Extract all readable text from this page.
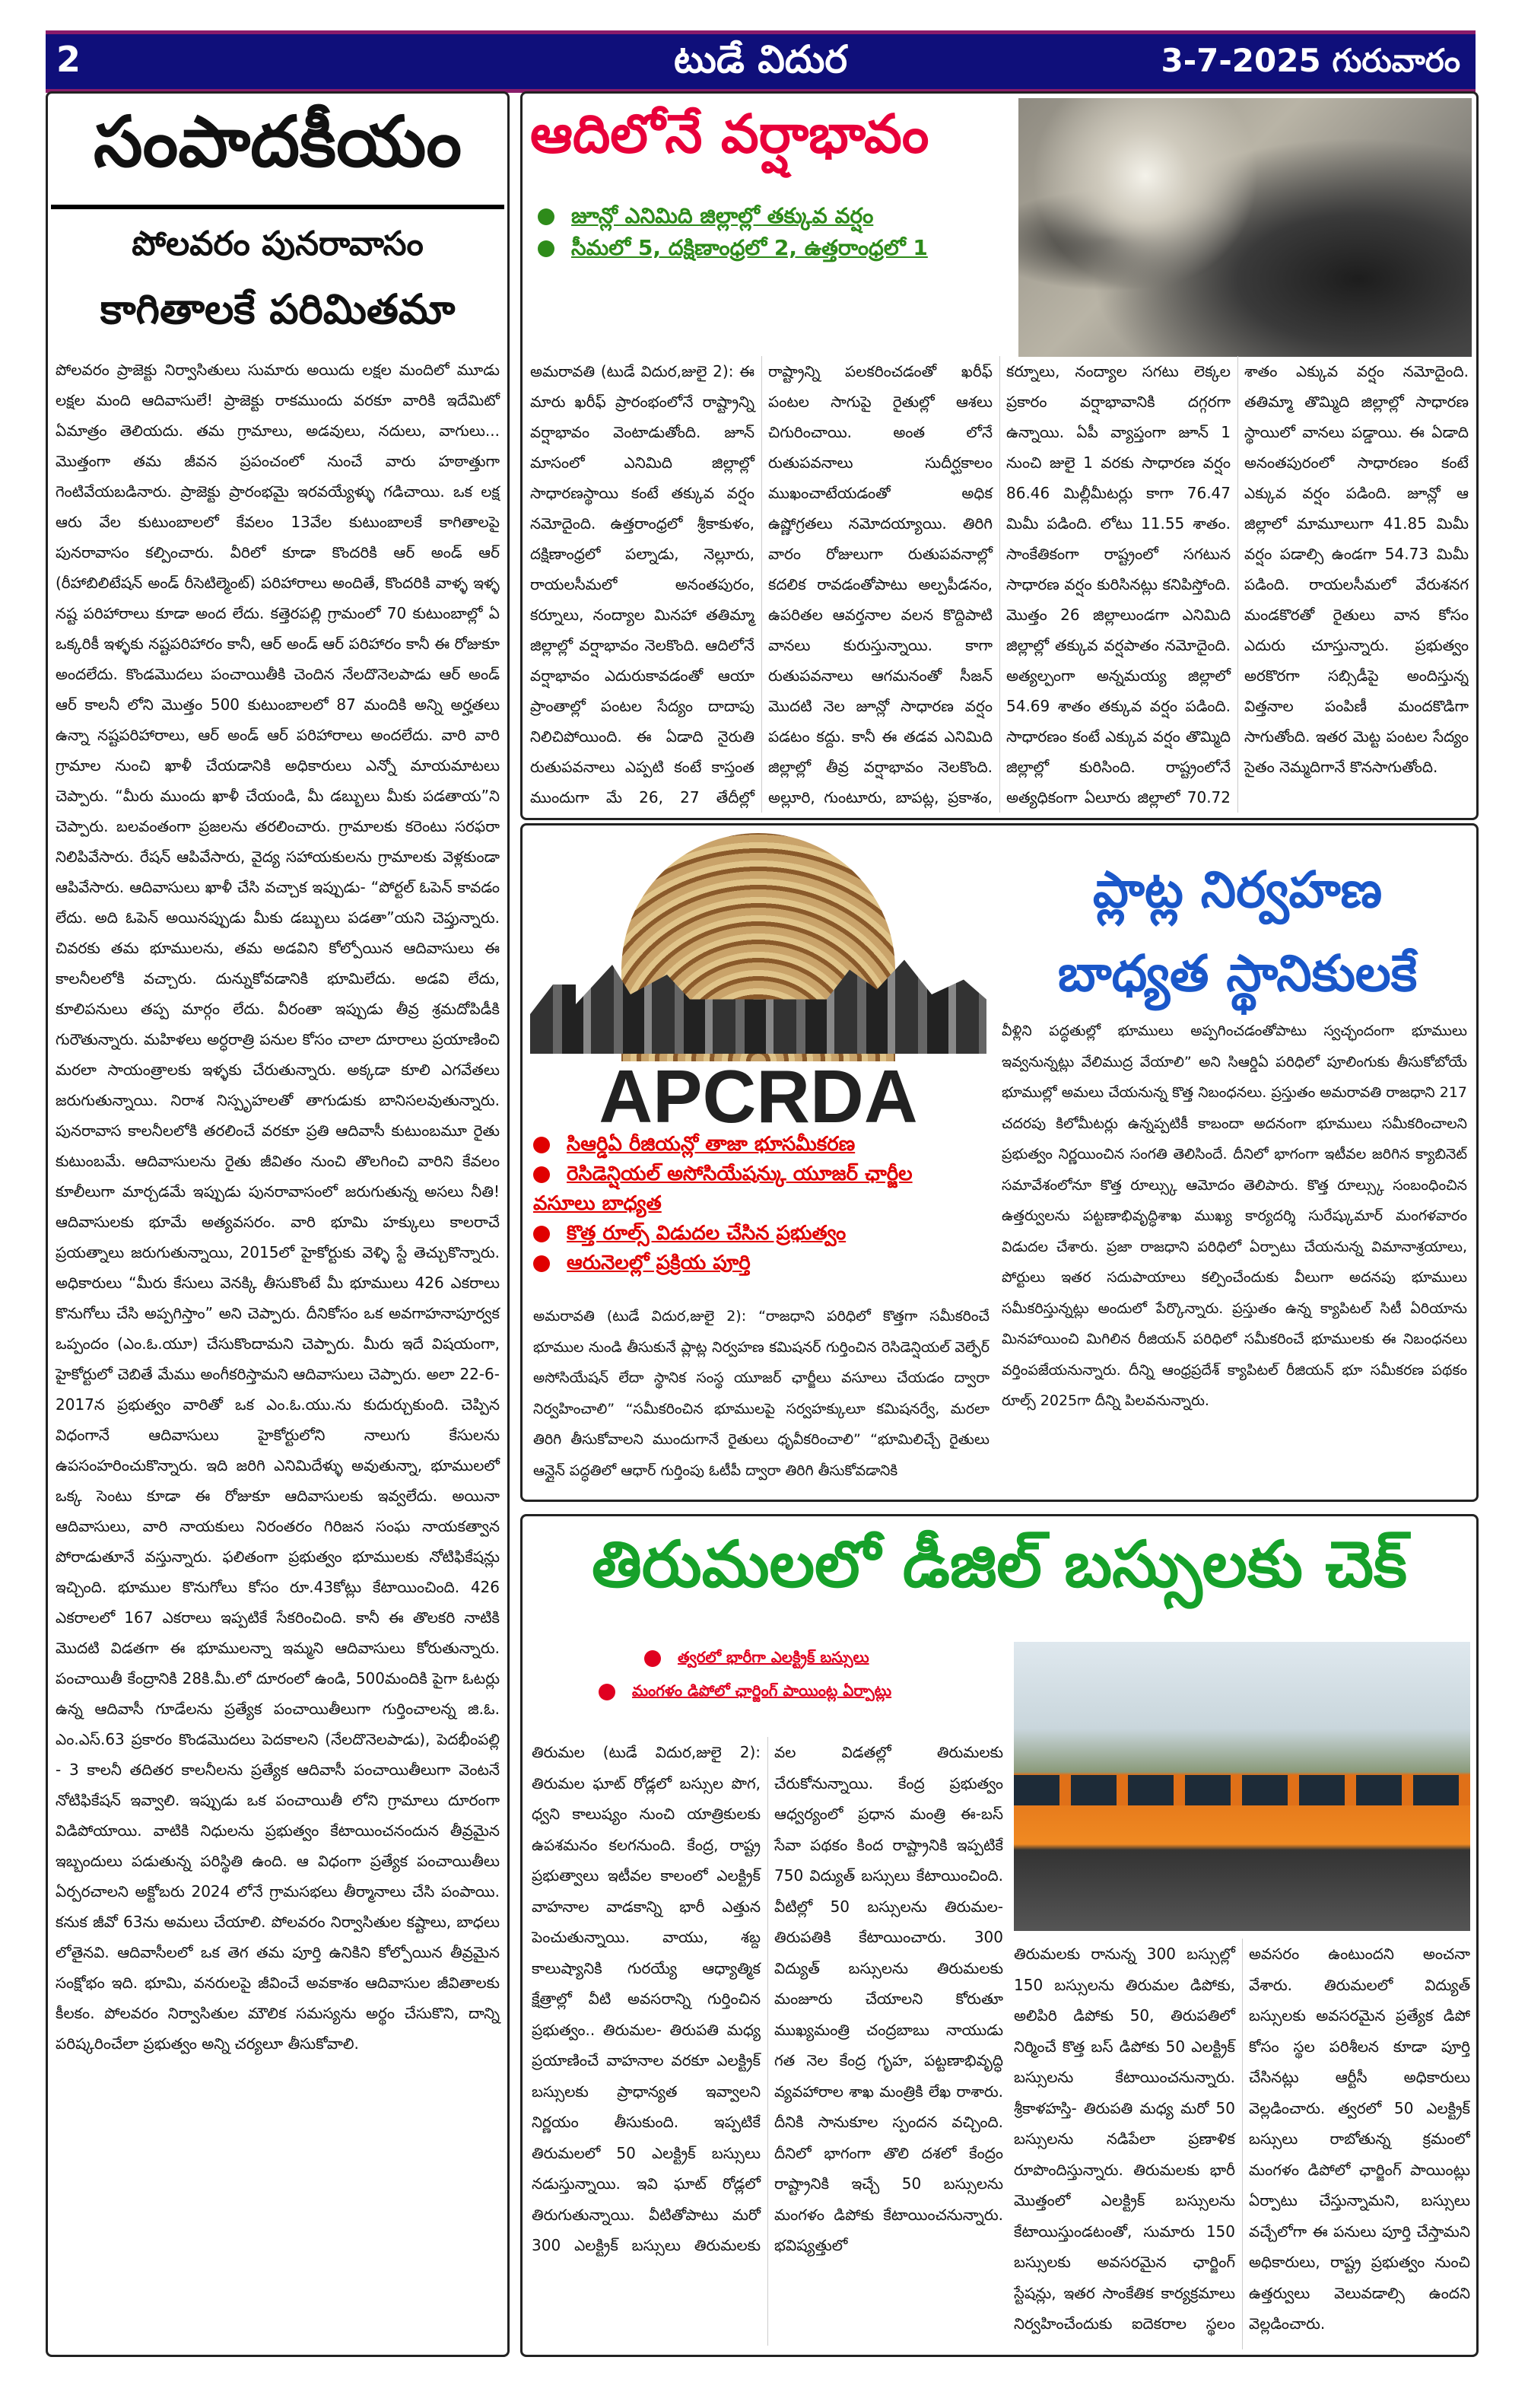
2	టుడే విదుర	3-7-2025 గురువారం
సంపాదకీయం
పోలవరం పునరావాసం
కాగితాలకే పరిమితమా
పోలవరం ప్రాజెక్టు నిర్వాసితులు సుమారు అయిదు లక్షల మందిలో మూడు లక్షల మంది ఆదివాసులే! ప్రాజెక్టు రాకముందు వరకూ వారికి ఇదేమిటో ఏమాత్రం తెలియదు. తమ గ్రామాలు, అడవులు, నదులు, వాగులు... మొత్తంగా తమ జీవన ప్రపంచంలో నుంచే వారు హఠాత్తుగా గెంటివేయబడినారు. ప్రాజెక్టు ప్రారంభమై ఇరవయ్యేళ్ళు గడిచాయి. ఒక లక్ష ఆరు వేల కుటుంబాలలో కేవలం 13వేల కుటుంబాలకే కాగితాలపై పునరావాసం కల్పించారు. వీరిలో కూడా కొందరికి ఆర్ అండ్ ఆర్ (రీహాబిలిటేషన్ అండ్ రీసెటిల్మెంట్) పరిహారాలు అందితే, కొందరికి వాళ్ళ ఇళ్ళ నష్ట పరిహారాలు కూడా అంద లేదు. కత్తెరపల్లి గ్రామంలో 70 కుటుంబాల్లో ఏ ఒక్కరికీ ఇళ్ళకు నష్టపరిహారం కానీ, ఆర్ అండ్ ఆర్ పరిహారం కానీ ఈ రోజుకూ అందలేదు. కొండమొదలు పంచాయితీకి చెందిన నేలదొనెలపాడు ఆర్ అండ్ ఆర్ కాలనీ లోని మొత్తం 500 కుటుంబాలలో 87 మందికి అన్ని అర్హతలు ఉన్నా నష్టపరిహారాలు, ఆర్ అండ్ ఆర్ పరిహారాలు అందలేదు. వారి వారి గ్రామాల నుంచి ఖాళీ చేయడానికి అధికారులు ఎన్నో మాయమాటలు చెప్పారు. “మీరు ముందు ఖాళీ చేయండి, మీ డబ్బులు మీకు పడతాయ”ని చెప్పారు. బలవంతంగా ప్రజలను తరలించారు. గ్రామాలకు కరెంటు సరఫరా నిలిపివేసారు. రేషన్ ఆపివేసారు, వైద్య సహాయకులను గ్రామాలకు వెళ్లకుండా ఆపివేసారు. ఆదివాసులు ఖాళీ చేసి వచ్చాక ఇప్పుడు- “పోర్టల్ ఓపెన్ కావడం లేదు. అది ఓపెన్ అయినప్పుడు మీకు డబ్బులు పడతా”యని చెప్తున్నారు. చివరకు తమ భూములను, తమ అడవిని కోల్పోయిన ఆదివాసులు ఈ కాలనీలలోకి వచ్చారు. దున్నుకోవడానికి భూమిలేదు. అడవి లేదు, కూలిపనులు తప్ప మార్గం లేదు. వీరంతా ఇప్పుడు తీవ్ర శ్రమదోపిడీకి గురౌతున్నారు. మహిళలు అర్ధరాత్రి పనుల కోసం చాలా దూరాలు ప్రయాణించి మరలా సాయంత్రాలకు ఇళ్ళకు చేరుతున్నారు. అక్కడా కూలి ఎగవేతలు జరుగుతున్నాయి. నిరాశ నిస్పృహలతో తాగుడుకు బానిసలవుతున్నారు. పునరావాస కాలనీలలోకి తరలించే వరకూ ప్రతి ఆదివాసీ కుటుంబమూ రైతు కుటుంబమే. ఆదివాసులను రైతు జీవితం నుంచి తొలగించి వారిని కేవలం కూలీలుగా మార్చడమే ఇప్పుడు పునరావాసంలో జరుగుతున్న అసలు నీతి! ఆదివాసులకు భూమే అత్యవసరం. వారి భూమి హక్కులు కాలరాచే ప్రయత్నాలు జరుగుతున్నాయి, 2015లో హైకోర్టుకు వెళ్ళి స్టే తెచ్చుకొన్నారు. అధికారులు “మీరు కేసులు వెనక్కి తీసుకొంటే మీ భూములు 426 ఎకరాలు కొనుగోలు చేసి అప్పగిస్తాం” అని చెప్పారు. దీనికోసం ఒక అవగాహనాపూర్వక ఒప్పందం (ఎం.ఓ.యూ) చేసుకొందామని చెప్పారు. మీరు ఇదే విషయంగా, హైకోర్టులో చెబితే మేము అంగీకరిస్తామని ఆదివాసులు చెప్పారు. అలా 22-6-2017న ప్రభుత్వం వారితో ఒక ఎం.ఓ.యు.ను కుదుర్చుకుంది. చెప్పిన విధంగానే ఆదివాసులు హైకోర్టులోని నాలుగు కేసులను ఉపసంహరించుకొన్నారు. ఇది జరిగి ఎనిమిదేళ్ళు అవుతున్నా, భూములలో ఒక్క సెంటు కూడా ఈ రోజుకూ ఆదివాసులకు ఇవ్వలేదు. అయినా ఆదివాసులు, వారి నాయకులు నిరంతరం గిరిజన సంఘ నాయకత్వాన పోరాడుతూనే వస్తున్నారు. ఫలితంగా ప్రభుత్వం భూములకు నోటిఫికేషన్లు ఇచ్చింది. భూముల కొనుగోలు కోసం రూ.43కోట్లు కేటాయించింది. 426 ఎకరాలలో 167 ఎకరాలు ఇప్పటికే సేకరించింది. కానీ ఈ తొలకరి నాటికి మొదటి విడతగా ఈ భూములన్నా ఇమ్మని ఆదివాసులు కోరుతున్నారు. పంచాయితీ కేంద్రానికి 28కి.మీ.లో దూరంలో ఉండి, 500మందికి పైగా ఓటర్లు ఉన్న ఆదివాసీ గూడేలను ప్రత్యేక పంచాయితీలుగా గుర్తించాలన్న జి.ఓ. ఎం.ఎస్.63 ప్రకారం కొండమొదలు పెదకాలని (నేలదొనెలపాడు), పెదభీంపల్లి - 3 కాలనీ తదితర కాలనీలను ప్రత్యేక ఆదివాసీ పంచాయితీలుగా వెంటనే నోటిఫికేషన్ ఇవ్వాలి. ఇప్పుడు ఒక పంచాయితీ లోని గ్రామాలు దూరంగా విడిపోయాయి. వాటికి నిధులను ప్రభుత్వం కేటాయించనందున తీవ్రమైన ఇబ్బందులు పడుతున్న పరిస్థితి ఉంది. ఆ విధంగా ప్రత్యేక పంచాయితీలు ఏర్పరచాలని అక్టోబరు 2024 లోనే గ్రామసభలు తీర్మానాలు చేసి పంపాయి. కనుక జీవో 63ను అమలు చేయాలి. పోలవరం నిర్వాసితుల కష్టాలు, బాధలు లోతైనవి. ఆదివాసీలలో ఒక తెగ తమ పూర్తి ఉనికిని కోల్పోయిన తీవ్రమైన సంక్షోభం ఇది. భూమి, వనరులపై జీవించే అవకాశం ఆదివాసుల జీవితాలకు కీలకం. పోలవరం నిర్వాసితుల మౌలిక సమస్యను అర్థం చేసుకొని, దాన్ని పరిష్కరించేలా ప్రభుత్వం అన్ని చర్యలూ తీసుకోవాలి.
ఆదిలోనే వర్షాభావం

జూన్లో ఎనిమిది జిల్లాల్లో తక్కువ వర్షం

సీమలో 5, దక్షిణాంధ్రలో 2, ఉత్తరాంధ్రలో 1

అమరావతి (టుడే విదుర,జులై 2): ఈ మారు ఖరీఫ్ ప్రారంభంలోనే రాష్ట్రాన్ని వర్షాభావం వెంటాడుతోంది. జూన్ మాసంలో ఎనిమిది జిల్లాల్లో సాధారణస్థాయి కంటే తక్కువ వర్షం నమోదైంది. ఉత్తరాంధ్రలో శ్రీకాకుళం, దక్షిణాంధ్రలో పల్నాడు, నెల్లూరు, రాయలసీమలో అనంతపురం, కర్నూలు, నంద్యాల మినహా తతిమ్మా జిల్లాల్లో వర్షాభావం నెలకొంది. ఆదిలోనే వర్షాభావం ఎదురుకావడంతో ఆయా ప్రాంతాల్లో పంటల సేద్యం దాదాపు నిలిచిపోయింది. ఈ ఏడాది నైరుతి రుతుపవనాలు ఎప్పటి కంటే కాస్తంత ముందుగా మే 26, 27 తేదీల్లో రాష్ట్రాన్ని పలకరించడంతో ఖరీఫ్ పంటల సాగుపై రైతుల్లో ఆశలు చిగురించాయి. అంత లోనే రుతుపవనాలు సుదీర్ఘకాలం ముఖంచాటేయడంతో అధిక ఉష్ణోగ్రతలు నమోదయ్యాయి. తిరిగి వారం రోజులుగా రుతుపవనాల్లో కదలిక రావడంతోపాటు అల్పపీడనం, ఉపరితల ఆవర్తనాల వలన కొద్దిపాటి వానలు కురుస్తున్నాయి. కాగా రుతుపవనాలు ఆగమనంతో సీజన్ మొదటి నెల జూన్లో సాధారణ వర్షం పడటం కద్దు. కానీ ఈ తడవ ఎనిమిది జిల్లాల్లో తీవ్ర వర్షాభావం నెలకొంది. అల్లూరి, గుంటూరు, బాపట్ల, ప్రకాశం, కర్నూలు, నంద్యాల సగటు లెక్కల ప్రకారం వర్షాభావానికి దగ్గరగా ఉన్నాయి. ఏపీ వ్యాప్తంగా జూన్ 1 నుంచి జులై 1 వరకు సాధారణ వర్షం 86.46 మిల్లీమీటర్లు కాగా 76.47 మిమీ పడింది. లోటు 11.55 శాతం. సాంకేతికంగా రాష్ట్రంలో సగటున సాధారణ వర్షం కురిసినట్లు కనిపిస్తోంది. మొత్తం 26 జిల్లాలుండగా ఎనిమిది జిల్లాల్లో తక్కువ వర్షపాతం నమోదైంది. అత్యల్పంగా అన్నమయ్య జిల్లాలో 54.69 శాతం తక్కువ వర్షం పడింది. సాధారణం కంటే ఎక్కువ వర్షం తొమ్మిది జిల్లాల్లో కురిసింది. రాష్ట్రంలోనే అత్యధికంగా ఏలూరు జిల్లాలో 70.72 శాతం ఎక్కువ వర్షం నమోదైంది. తతిమ్మా తొమ్మిది జిల్లాల్లో సాధారణ స్థాయిలో వానలు పడ్డాయి. ఈ ఏడాది అనంతపురంలో సాధారణం కంటే ఎక్కువ వర్షం పడింది. జూన్లో ఆ జిల్లాలో మామూలుగా 41.85 మిమీ వర్షం పడాల్సి ఉండగా 54.73 మిమీ పడింది. రాయలసీమలో వేరుశనగ మండకొరతో రైతులు వాన కోసం ఎదురు చూస్తున్నారు. ప్రభుత్వం అరకొరగా సబ్సిడీపై అందిస్తున్న విత్తనాల పంపిణీ మందకొడిగా సాగుతోంది. ఇతర మెట్ట పంటల సేద్యం సైతం నెమ్మదిగానే కొనసాగుతోంది.
APCRDA

సిఆర్డిఏ రీజియన్లో తాజా భూసమీకరణ

రెసిడెన్షియల్ అసోసియేషన్కు యూజర్ ఛార్జీల వసూలు బాధ్యత

కొత్త రూల్స్ విడుదల చేసిన ప్రభుత్వం

ఆరునెలల్లో ప్రక్రియ పూర్తి

అమరావతి (టుడే విదుర,జులై 2): “రాజధాని పరిధిలో కొత్తగా సమీకరించే భూముల నుండి తీసుకునే ప్లాట్ల నిర్వహణ కమిషనర్ గుర్తించిన రెసిడెన్షియల్ వెల్ఫేర్ అసోసియేషన్ లేదా స్థానిక సంస్థ యూజర్ ఛార్జీలు వసూలు చేయడం ద్వారా నిర్వహించాలి” “సమీకరించిన భూములపై సర్వహక్కులూ కమిషనర్వే, మరలా తిరిగి తీసుకోవాలని ముందుగానే రైతులు ధృవీకరించాలి” “భూమిలిచ్చే రైతులు ఆన్లైన్ పద్ధతిలో ఆధార్ గుర్తింపు ఓటీపీ ద్వారా తిరిగి తీసుకోవడానికి
ప్లాట్ల నిర్వహణ
బాధ్యత స్థానికులకే
వీళ్లిని పద్ధతుల్లో భూములు అప్పగించడంతోపాటు స్వచ్ఛందంగా భూములు ఇవ్వనున్నట్లు వేలిముద్ర వేయాలి” అని సిఆర్డిఏ పరిధిలో పూలింగుకు తీసుకోబోయే భూముల్లో అమలు చేయనున్న కొత్త నిబంధనలు. ప్రస్తుతం అమరావతి రాజధాని 217 చదరపు కిలోమీటర్లు ఉన్నప్పటికీ కాబందా అదనంగా భూములు సమీకరించాలని ప్రభుత్వం నిర్ణయించిన సంగతి తెలిసిందే. దీనిలో భాగంగా ఇటీవల జరిగిన క్యాబినెట్ సమావేశంలోనూ కొత్త రూల్స్కు ఆమోదం తెలిపారు. కొత్త రూల్స్కు సంబంధించిన ఉత్తర్వులను పట్టణాభివృద్ధిశాఖ ముఖ్య కార్యదర్శి సురేష్కుమార్ మంగళవారం విడుదల చేశారు. ప్రజా రాజధాని పరిధిలో ఏర్పాటు చేయనున్న విమానాశ్రయాలు, పోర్టులు ఇతర సదుపాయాలు కల్పించేందుకు వీలుగా అదనపు భూములు సమీకరిస్తున్నట్లు అందులో పేర్కొన్నారు. ప్రస్తుతం ఉన్న క్యాపిటల్ సిటీ ఏరియాను మినహాయించి మిగిలిన రీజియన్ పరిధిలో సమీకరించే భూములకు ఈ నిబంధనలు వర్తింపజేయనున్నారు. దీన్ని ఆంధ్రప్రదేశ్ క్యాపిటల్ రీజియన్ భూ సమీకరణ పథకం రూల్స్ 2025గా దీన్ని పిలవనున్నారు.
తిరుమలలో డీజిల్ బస్సులకు చెక్

త్వరలో భారీగా ఎలక్ట్రిక్ బస్సులు

మంగళం డిపోలో ఛార్జింగ్ పాయింట్ల ఏర్పాట్లు

తిరుమల (టుడే విదుర,జులై 2): తిరుమల ఘాట్ రోడ్లలో బస్సుల పొగ, ధ్వని కాలుష్యం నుంచి యాత్రికులకు ఉపశమనం కలగనుంది. కేంద్ర, రాష్ట్ర ప్రభుత్వాలు ఇటీవల కాలంలో ఎలక్ట్రిక్ వాహనాల వాడకాన్ని భారీ ఎత్తున పెంచుతున్నాయి. వాయు, శబ్ద కాలుష్యానికి గురయ్యే ఆధ్యాత్మిక క్షేత్రాల్లో వీటి అవసరాన్ని గుర్తించిన ప్రభుత్వం.. తిరుమల- తిరుపతి మధ్య ప్రయాణించే వాహనాల వరకూ ఎలక్ట్రిక్ బస్సులకు ప్రాధాన్యత ఇవ్వాలని నిర్ణయం తీసుకుంది. ఇప్పటికే తిరుమలలో 50 ఎలక్ట్రిక్ బస్సులు నడుస్తున్నాయి. ఇవి ఘాట్ రోడ్లలో తిరుగుతున్నాయి. వీటితోపాటు మరో 300 ఎలక్ట్రిక్ బస్సులు తిరుమలకు వల విడతల్లో తిరుమలకు చేరుకోనున్నాయి. కేంద్ర ప్రభుత్వం ఆధ్వర్యంలో ప్రధాన మంత్రి ఈ-బస్ సేవా పథకం కింద రాష్ట్రానికి ఇప్పటికే 750 విద్యుత్ బస్సులు కేటాయించింది. వీటిల్లో 50 బస్సులను తిరుమల- తిరుపతికి కేటాయించారు. 300 విద్యుత్ బస్సులను తిరుమలకు మంజూరు చేయాలని కోరుతూ ముఖ్యమంత్రి చంద్రబాబు నాయుడు గత నెల కేంద్ర గృహ, పట్టణాభివృద్ధి వ్యవహారాల శాఖ మంత్రికి లేఖ రాశారు. దీనికి సానుకూల స్పందన వచ్చింది. దీనిలో భాగంగా తొలి దశలో కేంద్రం రాష్ట్రానికి ఇచ్చే 50 బస్సులను మంగళం డిపోకు కేటాయించనున్నారు. భవిష్యత్తులో
తిరుమలకు రానున్న 300 బస్సుల్లో 150 బస్సులను తిరుమల డిపోకు, అలిపిరి డిపోకు 50, తిరుపతిలో నిర్మించే కొత్త బస్ డిపోకు 50 ఎలక్ట్రిక్ బస్సులను కేటాయించనున్నారు. శ్రీకాళహస్తి- తిరుపతి మధ్య మరో 50 బస్సులను నడిపేలా ప్రణాళిక రూపొందిస్తున్నారు. తిరుమలకు భారీ మొత్తంలో ఎలక్ట్రిక్ బస్సులను కేటాయిస్తుండటంతో, సుమారు 150 బస్సులకు అవసరమైన ఛార్జింగ్ స్టేషన్లు, ఇతర సాంకేతిక కార్యక్రమాలు నిర్వహించేందుకు ఐదెకరాల స్థలం అవసరం ఉంటుందని అంచనా వేశారు. తిరుమలలో విద్యుత్ బస్సులకు అవసరమైన ప్రత్యేక డిపో కోసం స్థల పరిశీలన కూడా పూర్తి చేసినట్లు ఆర్టీసీ అధికారులు వెల్లడించారు. త్వరలో 50 ఎలక్ట్రిక్ బస్సులు రాబోతున్న క్రమంలో మంగళం డిపోలో ఛార్జింగ్ పాయింట్లు ఏర్పాటు చేస్తున్నామని, బస్సులు వచ్చేలోగా ఈ పనులు పూర్తి చేస్తామని అధికారులు, రాష్ట్ర ప్రభుత్వం నుంచి ఉత్తర్వులు వెలువడాల్సి ఉందని వెల్లడించారు.
